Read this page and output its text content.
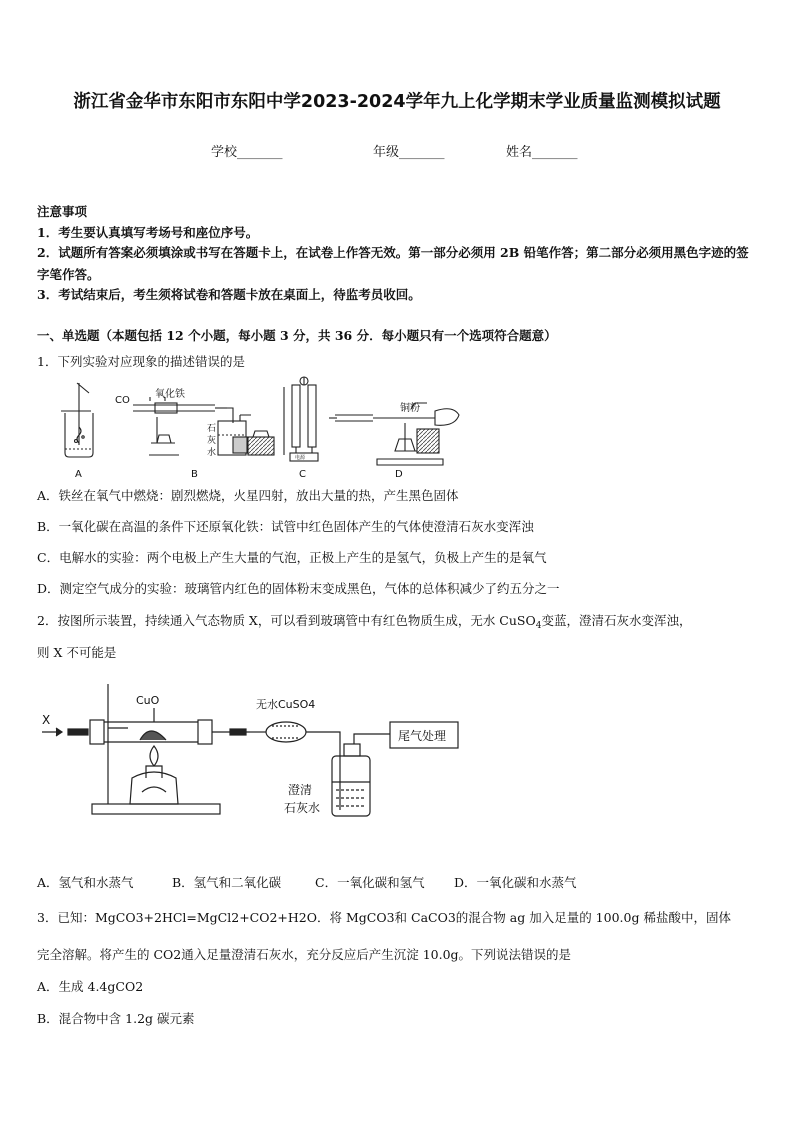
浙江省金华市东阳市东阳中学2023-2024学年九上化学期末学业质量监测模拟试题
学校_______	年级_______	姓名_______
注意事项
1．考生要认真填写考场号和座位序号。
2．试题所有答案必须填涂或书写在答题卡上，在试卷上作答无效。第一部分必须用 2B 铅笔作答；第二部分必须用黑色字迹的签字笔作答。
3．考试结束后，考生须将试卷和答题卡放在桌面上，待监考员收回。
一、单选题（本题包括 12 个小题，每小题 3 分，共 36 分．每小题只有一个选项符合题意）
1．下列实验对应现象的描述错误的是
电源
CO
氧化铁
石
灰
水
铜粉
A	B	C	D
A．铁丝在氧气中燃烧：剧烈燃烧，火星四射，放出大量的热，产生黑色固体
B．一氧化碳在高温的条件下还原氧化铁：试管中红色固体产生的气体使澄清石灰水变浑浊
C．电解水的实验：两个电极上产生大量的气泡，正极上产生的是氢气，负极上产生的是氧气
D．测定空气成分的实验：玻璃管内红色的固体粉末变成黑色，气体的总体积减少了约五分之一
2．按图所示装置，持续通入气态物质 X，可以看到玻璃管中有红色物质生成，无水 CuSO$_4$变蓝，澄清石灰水变浑浊，
则 X 不可能是
X
CuO	无水CuSO4
尾气处理
澄清
石灰水
A．氢气和水蒸气	B．氢气和二氧化碳	C．一氧化碳和氢气 D．一氧化碳和水蒸气
3．已知：MgCO3+2HCl=MgCl2+CO2+H2O．将 MgCO3和 CaCO3的混合物 ag 加入足量的 100.0g 稀盐酸中，固体
完全溶解。将产生的 CO2通入足量澄清石灰水，充分反应后产生沉淀 10.0g。下列说法错误的是
A．生成 4.4gCO2
B．混合物中含 1.2g 碳元素
